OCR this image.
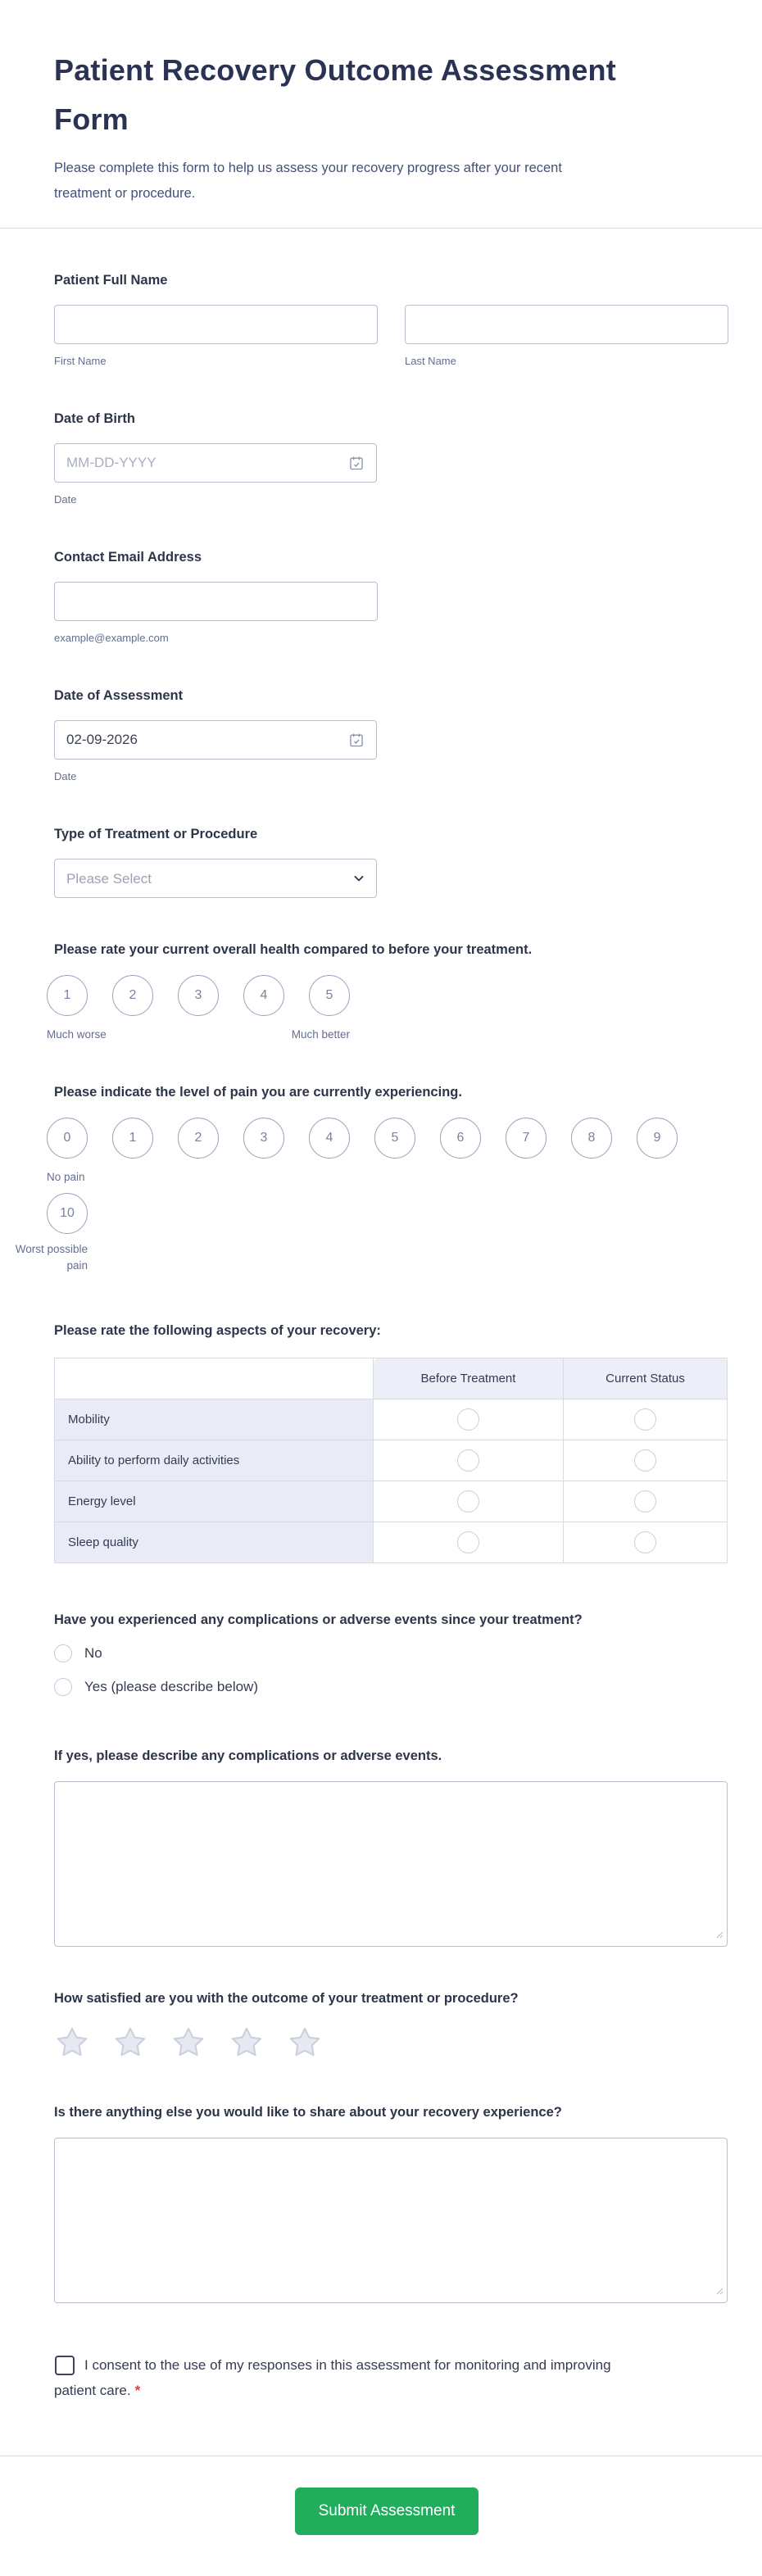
Patient Recovery Outcome Assessment Form

Please complete this form to help us assess your recovery progress after your recent treatment or procedure.

Patient Full Name
First Name	Last Name
Date of Birth
MM-DD-YYYY
Date
Contact Email Address
example@example.com
Date of Assessment
02-09-2026
Date
Type of Treatment or Procedure
Please Select
Please rate your current overall health compared to before your treatment.
1	2	3	4	5
Much worse	Much better
Please indicate the level of pain you are currently experiencing.
0	1	2	3	4	5	6	7	8	9
No pain
10
Worst possible pain
Please rate the following aspects of your recovery:
	Before Treatment	Current Status
Mobility		
Ability to perform daily activities		
Energy level		
Sleep quality		
Have you experienced any complications or adverse events since your treatment?
No
Yes (please describe below)
If yes, please describe any complications or adverse events.
How satisfied are you with the outcome of your treatment or procedure?
Is there anything else you would like to share about your recovery experience?
I consent to the use of my responses in this assessment for monitoring and improving patient care. *
Submit Assessment
